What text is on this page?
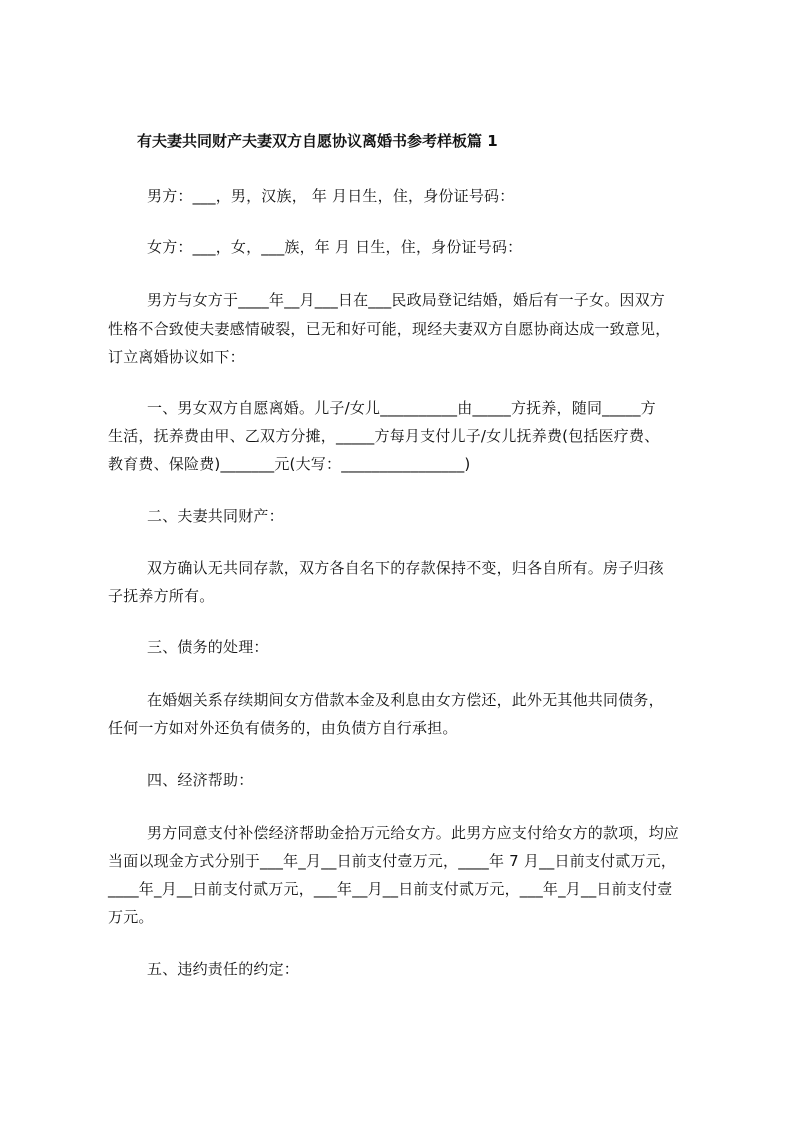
有夫妻共同财产夫妻双方自愿协议离婚书参考样板篇 1
男方：___，男，汉族， 年 月日生，住，身份证号码：
女方：___，女，___族，年 月 日生，住，身份证号码：
男方与女方于____年__月___日在___民政局登记结婚，婚后有一子女。因双方
性格不合致使夫妻感情破裂，已无和好可能，现经夫妻双方自愿协商达成一致意见，
订立离婚协议如下：
一、男女双方自愿离婚。儿子/女儿__________由_____方抚养，随同_____方
生活，抚养费由甲、乙双方分摊，_____方每月支付儿子/女儿抚养费(包括医疗费、
教育费、保险费)_______元(大写：________________)
二、夫妻共同财产：
双方确认无共同存款，双方各自名下的存款保持不变，归各自所有。房子归孩
子抚养方所有。
三、债务的处理：
在婚姻关系存续期间女方借款本金及利息由女方偿还，此外无其他共同债务，
任何一方如对外还负有债务的，由负债方自行承担。
四、经济帮助：
男方同意支付补偿经济帮助金拾万元给女方。此男方应支付给女方的款项，均应
当面以现金方式分别于___年_月__日前支付壹万元，____年 7 月__日前支付贰万元，
____年_月__日前支付贰万元，___年__月__日前支付贰万元，___年_月__日前支付壹
万元。
五、违约责任的约定：
